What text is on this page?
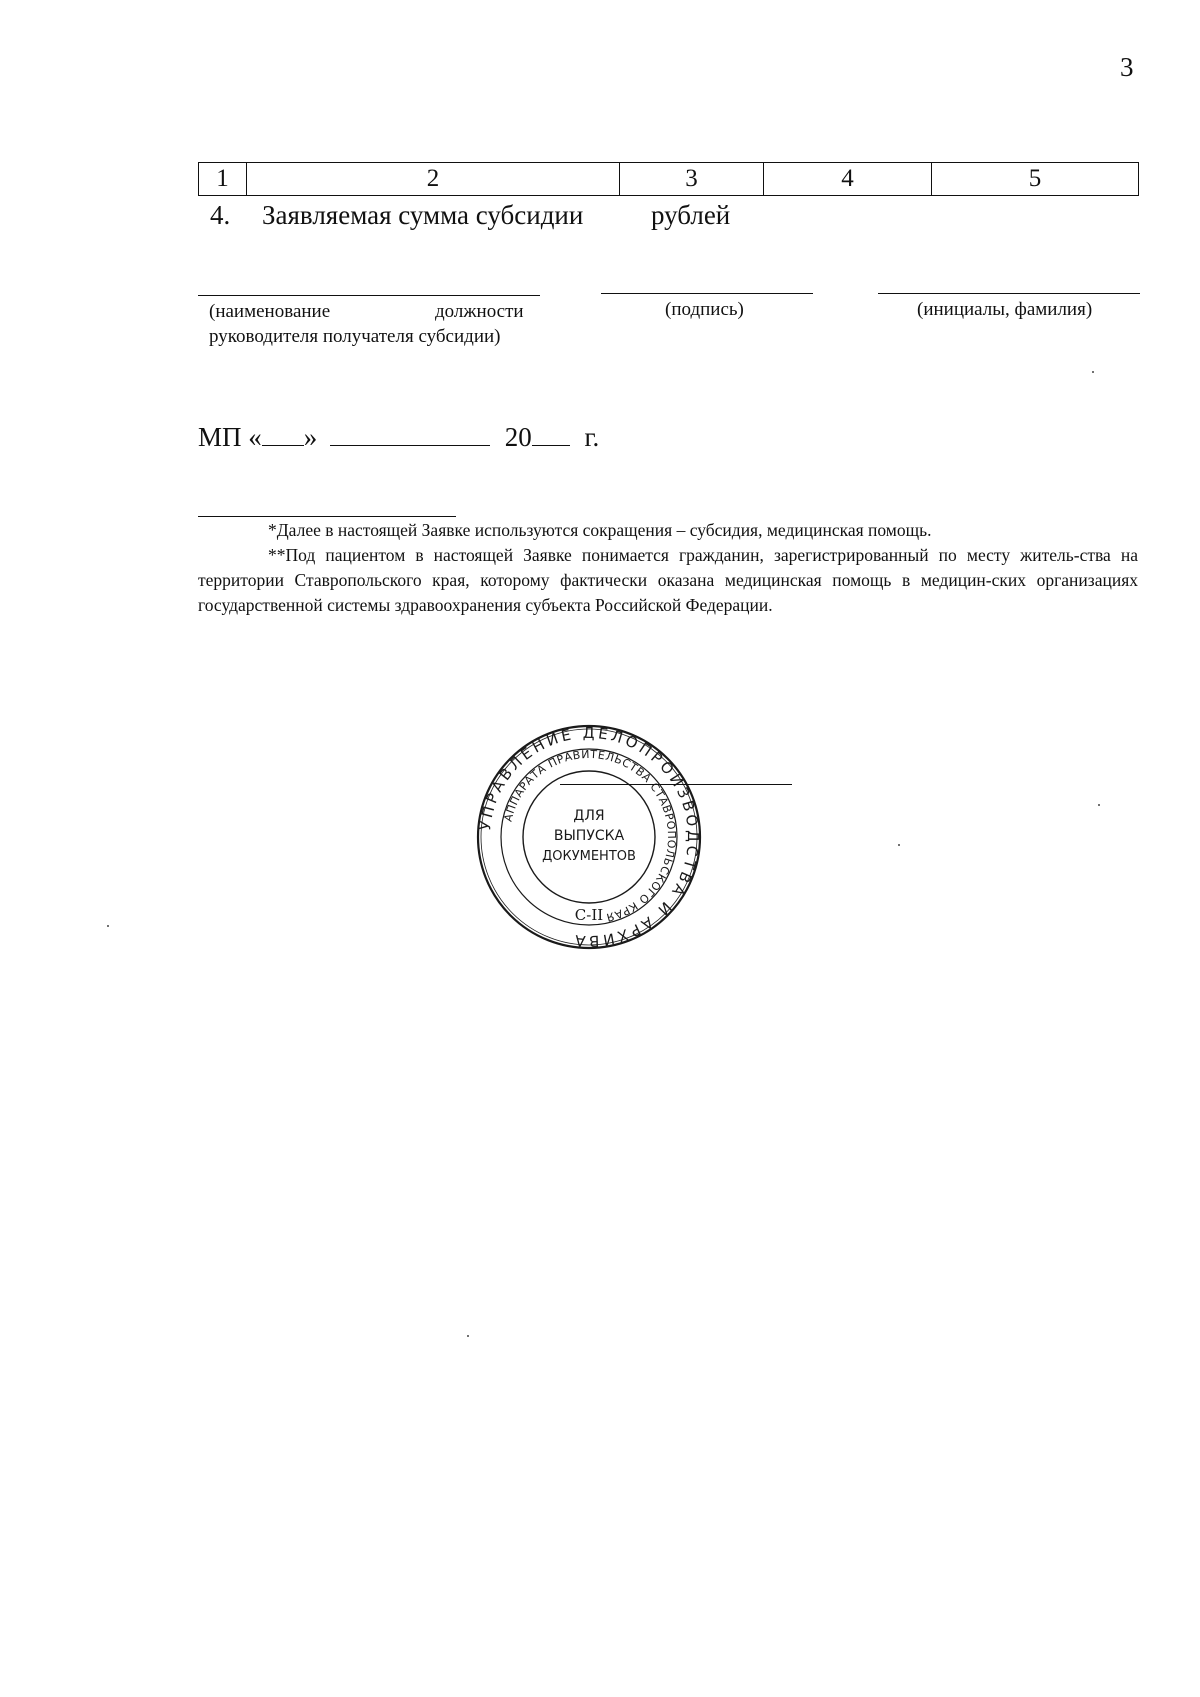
3
1	2	3	4	5
4. Заявляемая сумма субсидии	рублей
(наименование	должности
руководителя получателя субсидии)
(подпись)	(инициалы, фамилия)
МП « »	20 г.
*Далее в настоящей Заявке используются сокращения – субсидия, медицинская помощь.
**Под пациентом в настоящей Заявке понимается гражданин, зарегистрированный по месту житель-ства на территории Ставропольского края, которому фактически оказана медицинская помощь в медицин-ских организациях государственной системы здравоохранения субъекта Российской Федерации.
УПРАВЛЕНИЕ ДЕЛОПРОИЗВОДСТВА И АРХИВА
АППАРАТА ПРАВИТЕЛЬСТВА СТАВРОПОЛЬСКОГО КРАЯ
ДЛЯ
ВЫПУСКА
ДОКУМЕНТОВ
С-II
